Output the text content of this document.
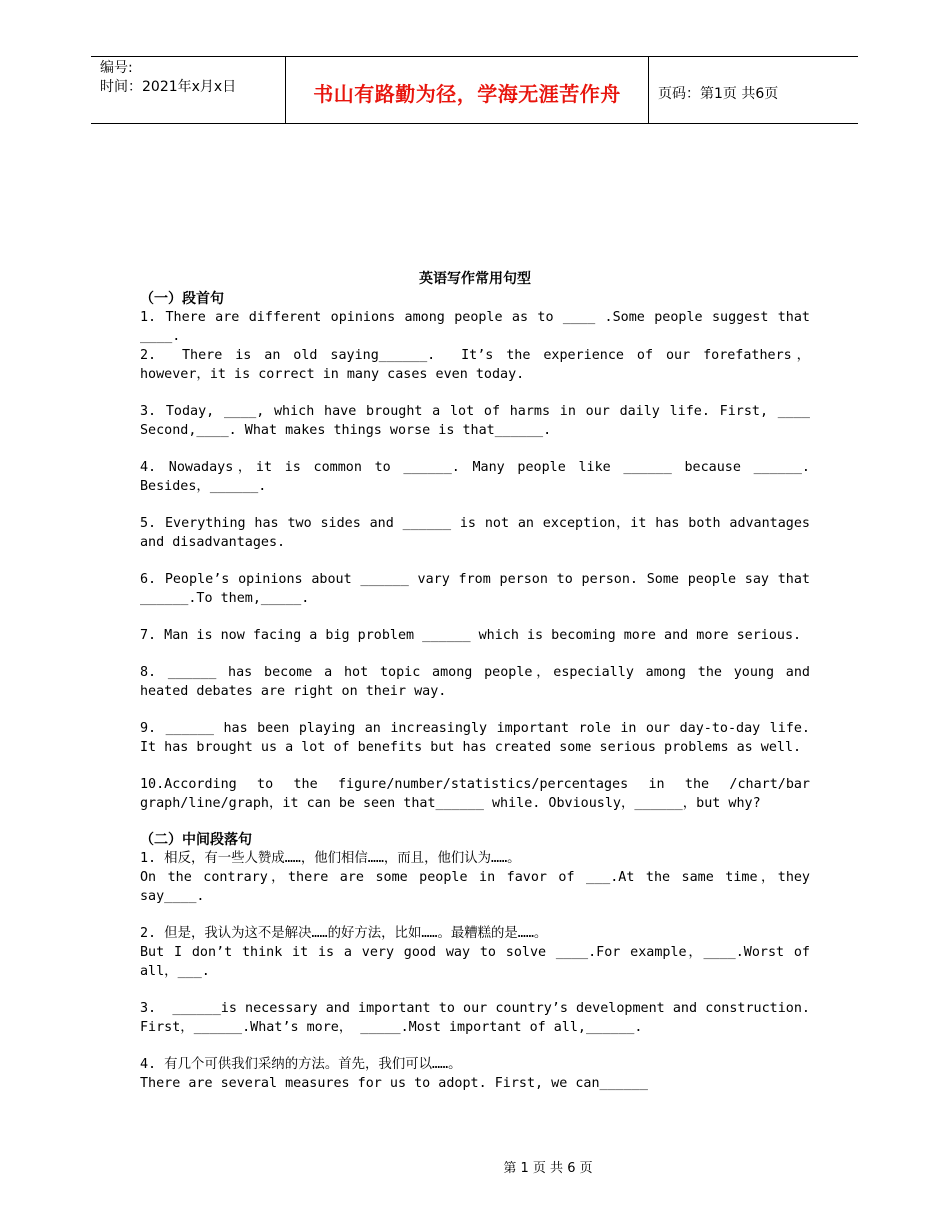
编号:
时间：2021年x月x日	书山有路勤为径，学海无涯苦作舟	页码：第1页 共6页
英语写作常用句型
（一）段首句

1. There are different opinions among people as to ____ .Some people suggest that ____.

2.  There is an old saying______.  It’s the experience of our forefathers，however，it is correct in many cases even today.

3. Today, ____, which have brought a lot of harms in our daily life. First, ____ Second,____. What makes things worse is that______.

4. Nowadays，it is common to ______. Many people like ______ because ______. Besides，______.

5. Everything has two sides and ______ is not an exception，it has both advantages and disadvantages.

6. People’s opinions about ______ vary from person to person. Some people say that ______.To them,_____.

7. Man is now facing a big problem ______ which is becoming more and more serious.

8. ______ has become a hot topic among people，especially among the young and heated debates are right on their way.

9. ______ has been playing an increasingly important role in our day-to-day life. It has brought us a lot of benefits but has created some serious problems as well.

10.According to the figure/number/statistics/percentages in the /chart/bar graph/line/graph，it can be seen that______ while. Obviously，______，but why?

（二）中间段落句

1. 相反，有一些人赞成……，他们相信……，而且，他们认为……。
On the contrary，there are some people in favor of ___.At the same time，they say____.

2. 但是，我认为这不是解决……的好方法，比如……。最糟糕的是……。
But I don’t think it is a very good way to solve ____.For example，____.Worst of all，___.

3.  ______is necessary and important to our country’s development and construction. First，______.What’s more， _____.Most important of all,______.

4. 有几个可供我们采纳的方法。首先，我们可以……。
There are several measures for us to adopt. First, we can______

第 1 页 共 6 页
